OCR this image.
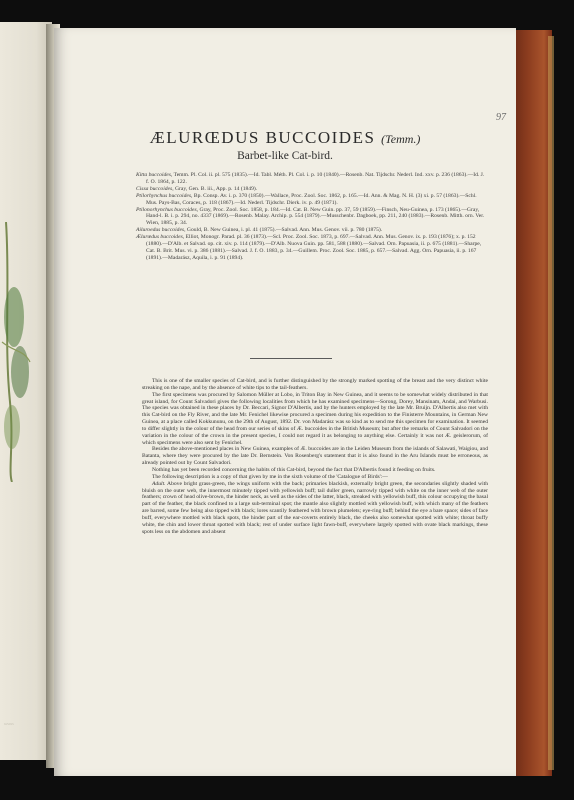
~~~~~~
97
ÆLURŒDUS BUCCOIDES (Temm.)
Barbet-like Cat-bird.

Kitta buccoides, Temm. Pl. Col. ii. pl. 575 (1835).—Id. Tabl. Méth. Pl. Col. i. p. 10 (1840).—Rosenb. Nat. Tijdschr. Nederl. Ind. xxv. p. 236 (1863).—Id. J. f. O. 1864, p. 122.

Cissa buccoides, Gray, Gen. B. iii., App. p. 14 (1849).

Ptilorhynchus buccoides, Bp. Consp. Av. i. p. 370 (1850).—Wallace, Proc. Zool. Soc. 1862, p. 165.—Id. Ann. & Mag. N. H. (3) xi. p. 57 (1863).—Schl. Mus. Pays-Bas, Coraces, p. 118 (1867).—Id. Nederl. Tijdschr. Dierk. iv. p. 49 (1871).

Ptilonorhynchus buccoides, Gray, Proc. Zool. Soc. 1858, p. 184.—Id. Cat. B. New Guin. pp. 37, 59 (1859).—Finsch, Neu-Guinea, p. 173 (1865).—Gray, Hand-l. B. i. p. 294, no. 4337 (1869).—Rosenb. Malay. Archip. p. 554 (1879).—Musschenbr. Dagboek, pp. 211, 240 (1883).—Rosenb. Mitth. orn. Ver. Wien, 1885, p. 34.

Ailuroedus buccoides, Gould, B. New Guinea, i. pl. 41 (1875).—Salvad. Ann. Mus. Genov. vii. p. 780 (1875).

Ælurœdus buccoides, Elliot, Monogr. Parad. pl. 36 (1873).—Scl. Proc. Zool. Soc. 1873, p. 697.—Salvad. Ann. Mus. Genov. ix. p. 193 (1876); x. p. 152 (1880).—D'Alb. et Salvad. op. cit. xiv. p. 114 (1879).—D'Alb. Nuova Guin. pp. 581, 588 (1880).—Salvad. Orn. Papuasia, ii. p. 675 (1881).—Sharpe, Cat. B. Brit. Mus. vi. p. 386 (1881).—Salvad. J. f. O. 1883, p. 34.—Guillem. Proc. Zool. Soc. 1885, p. 657.—Salvad. Agg. Orn. Papuasia, ii. p. 167 (1891).—Madarász, Aquila, i. p. 91 (1894).

This is one of the smaller species of Cat-bird, and is further distinguished by the strongly marked spotting of the breast and the very distinct white streaking on the nape, and by the absence of white tips to the tail-feathers.

The first specimens was procured by Salomon Müller at Lobo, in Triton Bay in New Guinea, and it seems to be somewhat widely distributed in that great island, for Count Salvadori gives the following localities from which he has examined specimens—Sorong, Dorey, Mansinam, Andai, and Warbusi. The species was obtained in these places by Dr. Beccari, Signor D'Albertis, and by the hunters employed by the late Mr. Bruijn. D'Albertis also met with this Cat-bird on the Fly River, and the late Mr. Fenichel likewise procured a specimen during his expedition to the Finisterre Mountains, in German New Guinea, at a place called Kokkununu, on the 29th of August, 1892. Dr. von Madarász was so kind as to send me this specimen for examination. It seemed to differ slightly in the colour of the head from our series of skins of Æ. buccoides in the British Museum; but after the remarks of Count Salvadori on the variation in the colour of the crown in the present species, I could not regard it as belonging to anything else. Certainly it was not Æ. geislerorum, of which specimens were also sent by Fenichel.

Besides the above-mentioned places in New Guinea, examples of Æ. buccoides are in the Leiden Museum from the islands of Salawati, Waigiou, and Batanta, where they were procured by the late Dr. Bernstein. Von Rosenberg's statement that it is also found in the Aru Islands must be erroneous, as already pointed out by Count Salvadori.

Nothing has yet been recorded concerning the habits of this Cat-bird, beyond the fact that D'Albertis found it feeding on fruits.

The following description is a copy of that given by me in the sixth volume of the 'Catalogue of Birds':—

Adult. Above bright grass-green, the wings uniform with the back; primaries blackish, externally bright green, the secondaries slightly shaded with bluish on the outer web, the innermost minutely tipped with yellowish buff; tail duller green, narrowly tipped with white on the inner web of the outer feathers; crown of head olive-brown, the hinder neck, as well as the sides of the latter, black, streaked with yellowish buff, this colour occupying the basal part of the feather, the black confined to a large sub-terminal spot; the mantle also slightly mottled with yellowish buff, with which many of the feathers are barred, some few being also tipped with black; lores scantily feathered with brown plumelets; eye-ring buff; behind the eye a bare space; sides of face buff, everywhere mottled with black spots, the hinder part of the ear-coverts entirely black, the cheeks also somewhat spotted with white; throat buffy white, the chin and lower throat spotted with black; rest of under surface light fawn-buff, everywhere largely spotted with ovate black markings, these spots less on the abdomen and absent
